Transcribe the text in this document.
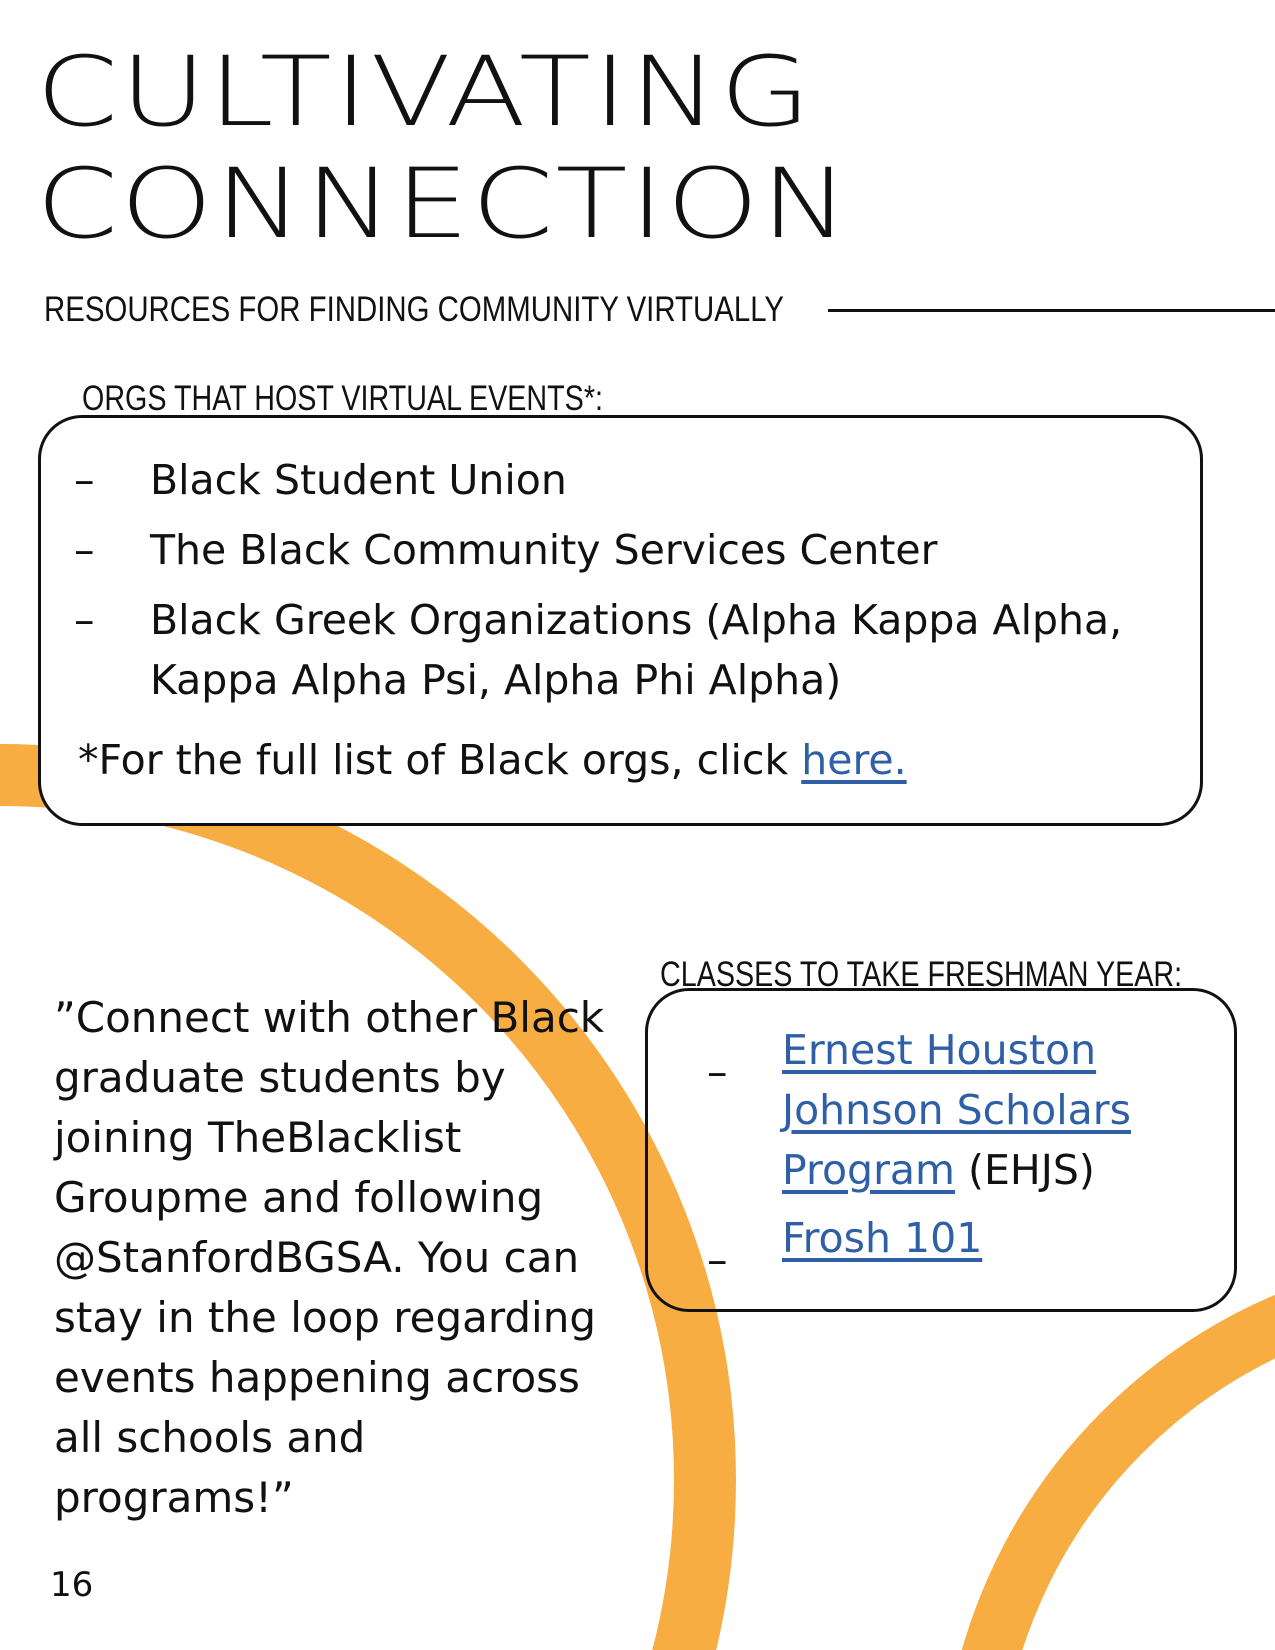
CULTIVATING
CONNECTION
RESOURCES FOR FINDING COMMUNITY VIRTUALLY
ORGS THAT HOST VIRTUAL EVENTS*:
– Black Student Union
– The Black Community Services Center
– Black Greek Organizations (Alpha Kappa Alpha, Kappa Alpha Psi, Alpha Phi Alpha)
*For the full list of Black orgs, click here.

”Connect with other Black graduate students by joining TheBlacklist Groupme and following @StanfordBGSA. You can stay in the loop regarding events happening across all schools and programs!”

CLASSES TO TAKE FRESHMAN YEAR:
– Ernest Houston Johnson Scholars Program (EHJS)
– Frosh 101
16
